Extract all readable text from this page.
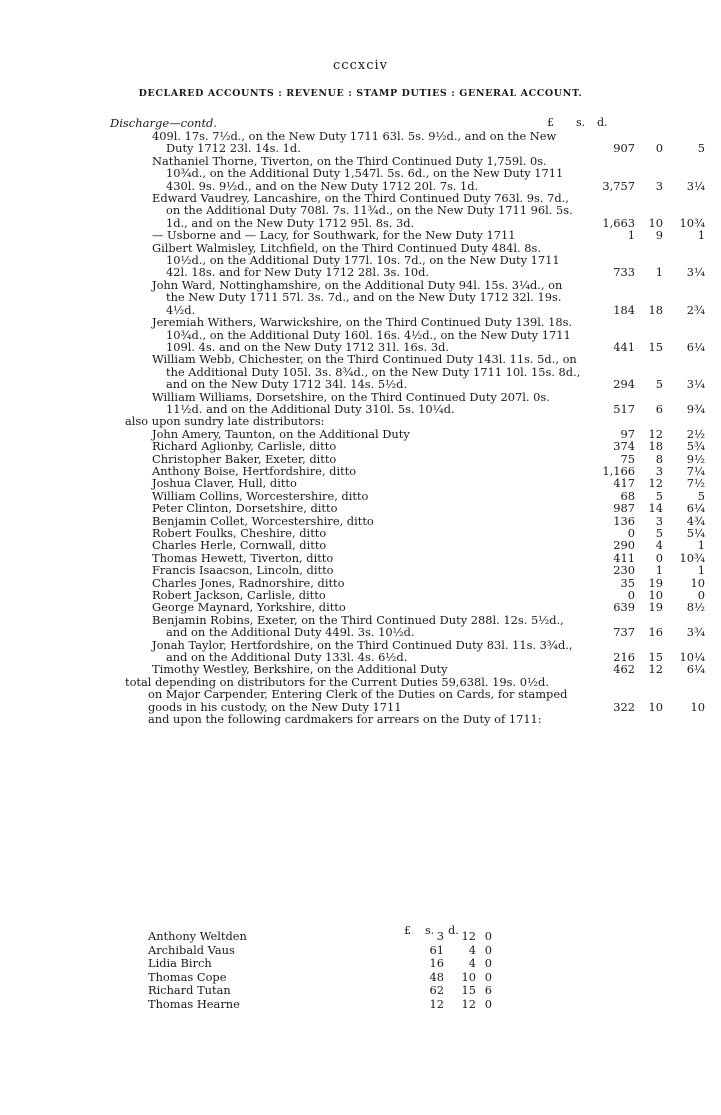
cccxciv
DECLARED ACCOUNTS : REVENUE : STAMP DUTIES : GENERAL ACCOUNT.
Discharge—contd.	£ s. d.
409l. 17s. 7½d., on the New Duty 1711 63l. 5s. 9½d., and on the New Duty 1712 23l. 14s. 1d.	907 0	5
Nathaniel Thorne, Tiverton, on the Third Continued Duty 1,759l. 0s. 10¾d., on the Additional Duty 1,547l. 5s. 6d., on the New Duty 1711 430l. 9s. 9½d., and on the New Duty 1712 20l. 7s. 1d.	3,757 3 3¼
Edward Vaudrey, Lancashire, on the Third Continued Duty 763l. 9s. 7d., on the Additional Duty 708l. 7s. 11¾d., on the New Duty 1711 96l. 5s. 1d., and on the New Duty 1712 95l. 8s. 3d.	1,663 10 10¾
— Usborne and — Lacy, for Southwark, for the New Duty 1711	1 9	1
Gilbert Walmisley, Litchfield, on the Third Continued Duty 484l. 8s. 10½d., on the Additional Duty 177l. 10s. 7d., on the New Duty 1711 42l. 18s. and for New Duty 1712 28l. 3s. 10d.	733 1 3¼
John Ward, Nottinghamshire, on the Additional Duty 94l. 15s. 3¼d., on the New Duty 1711 57l. 3s. 7d., and on the New Duty 1712 32l. 19s. 4½d.	184 18 2¾
Jeremiah Withers, Warwickshire, on the Third Continued Duty 139l. 18s. 10¾d., on the Additional Duty 160l. 16s. 4½d., on the New Duty 1711 109l. 4s. and on the New Duty 1712 31l. 16s. 3d.	441 15 6¼
William Webb, Chichester, on the Third Continued Duty 143l. 11s. 5d., on the Additional Duty 105l. 3s. 8¾d., on the New Duty 1711 10l. 15s. 8d., and on the New Duty 1712 34l. 14s. 5½d.	294 5 3¼
William Williams, Dorsetshire, on the Third Continued Duty 207l. 0s. 11½d. and on the Additional Duty 310l. 5s. 10¼d.	517 6 9¾
also upon sundry late distributors:
John Amery, Taunton, on the Additional Duty	97 12 2½
Richard Aglionby, Carlisle, ditto	374 18 5¾
Christopher Baker, Exeter, ditto	75 8 9½
Anthony Boise, Hertfordshire, ditto	1,166 3 7¼
Joshua Claver, Hull, ditto	417 12 7½
William Collins, Worcestershire, ditto	68 5	5
Peter Clinton, Dorsetshire, ditto	987 14 6¼
Benjamin Collet, Worcestershire, ditto	136 3 4¾
Robert Foulks, Cheshire, ditto	0 5 5¼
Charles Herle, Cornwall, ditto	290 4	1
Thomas Hewett, Tiverton, ditto	411 0 10¾
Francis Isaacson, Lincoln, ditto	230 1	1
Charles Jones, Radnorshire, ditto	35 19 10
Robert Jackson, Carlisle, ditto	0 10	0
George Maynard, Yorkshire, ditto	639 19 8½
Benjamin Robins, Exeter, on the Third Continued Duty 288l. 12s. 5½d., and on the Additional Duty 449l. 3s. 10½d.	737 16 3¾
Jonah Taylor, Hertfordshire, on the Third Continued Duty 83l. 11s. 3¾d., and on the Additional Duty 133l. 4s. 6½d.	216 15 10¼
Timothy Westley, Berkshire, on the Additional Duty	462 12 6¼
total depending on distributors for the Current Duties 59,638l. 19s. 0½d.
on Major Carpender, Entering Clerk of the Duties on Cards, for stamped goods in his custody, on the New Duty 1711	322 10 10
and upon the following cardmakers for arrears on the Duty of 1711:
£ s. d.
Anthony Weltden	3 12 0
Archibald Vaus	61 4 0
Lidia Birch	16 4 0
Thomas Cope	48 10 0
Richard Tutan	62 15 6
Thomas Hearne	12 12 0
